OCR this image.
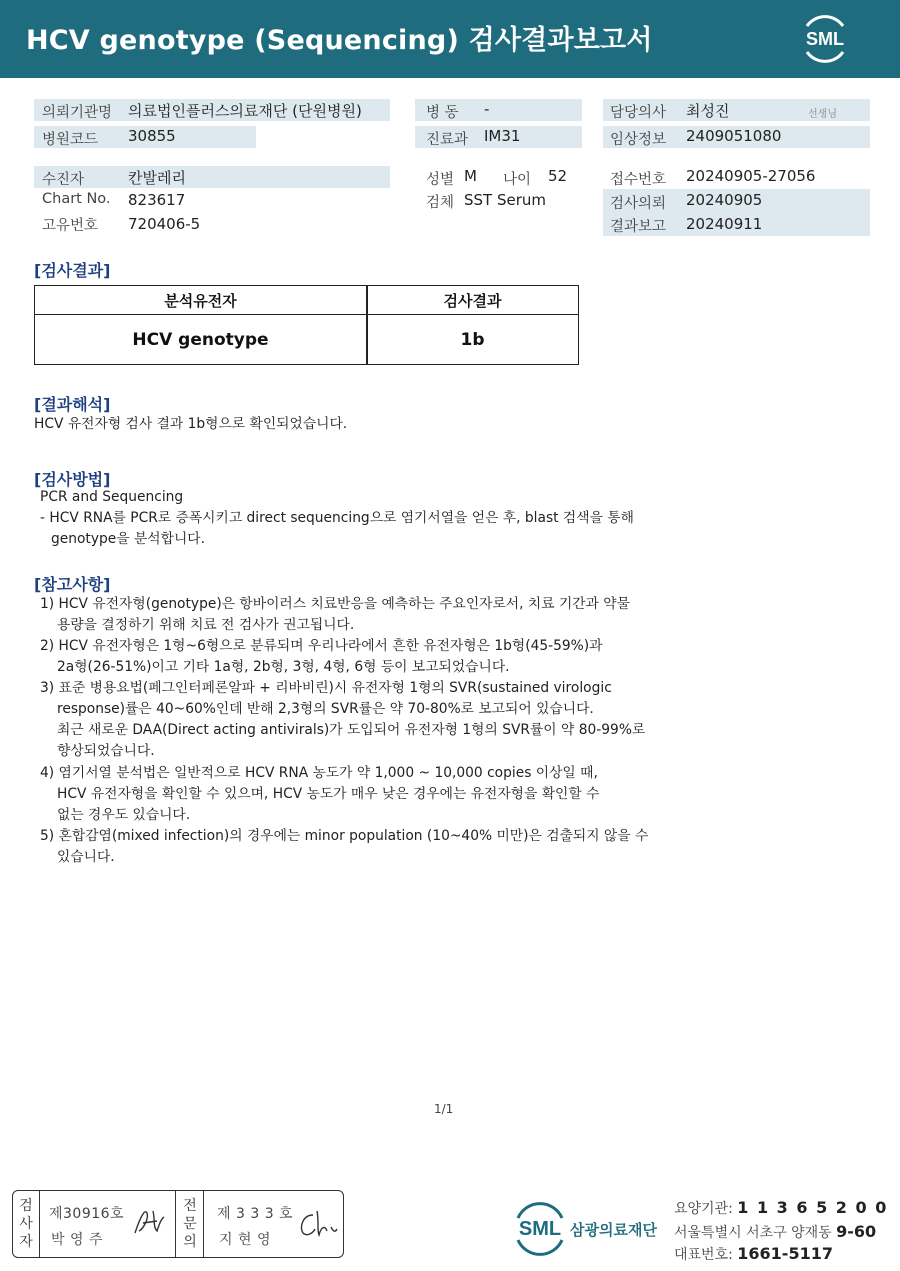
HCV genotype (Sequencing) 검사결과보고서	SML
의뢰기관명 의료법인플러스의료재단 (단원병원)	병 동 -	담당의사 최성진	선생님
병원코드 30855	진료과 IM31	임상정보 2409051080
수진자	칸발레리	성별 M 나이 52	접수번호 20240905-27056
Chart No. 823617	검체 SST Serum	검사의뢰 20240905
고유번호 720406-5	결과보고 20240911
[검사결과]
분석유전자	검사결과
HCV genotype	1b
[결과해석]
HCV 유전자형 검사 결과 1b형으로 확인되었습니다.
[검사방법]
PCR and Sequencing
- HCV RNA를 PCR로 증폭시키고 direct sequencing으로 염기서열을 얻은 후, blast 검색을 통해
genotype을 분석합니다.
[참고사항]
1) HCV 유전자형(genotype)은 항바이러스 치료반응을 예측하는 주요인자로서, 치료 기간과 약물
용량을 결정하기 위해 치료 전 검사가 권고됩니다.
2) HCV 유전자형은 1형~6형으로 분류되며 우리나라에서 흔한 유전자형은 1b형(45-59%)과
2a형(26-51%)이고 기타 1a형, 2b형, 3형, 4형, 6형 등이 보고되었습니다.
3) 표준 병용요법(페그인터페론알파 + 리바비린)시 유전자형 1형의 SVR(sustained virologic
response)률은 40~60%인데 반해 2,3형의 SVR률은 약 70-80%로 보고되어 있습니다.
최근 새로운 DAA(Direct acting antivirals)가 도입되어 유전자형 1형의 SVR률이 약 80-99%로
향상되었습니다.
4) 염기서열 분석법은 일반적으로 HCV RNA 농도가 약 1,000 ~ 10,000 copies 이상일 때,
HCV 유전자형을 확인할 수 있으며, HCV 농도가 매우 낮은 경우에는 유전자형을 확인할 수
없는 경우도 있습니다.
5) 혼합감염(mixed infection)의 경우에는 minor population (10~40% 미만)은 검출되지 않을 수
있습니다.
1/1
검
사
자
제30916호
박 영 주
전
문
의
제 3 3 3 호
지 현 영	SML 삼광의료재단
요양기관: 1 1 3 6 5 2 0 0
서울특별시 서초구 양재동 9-60
대표번호: 1661-5117
